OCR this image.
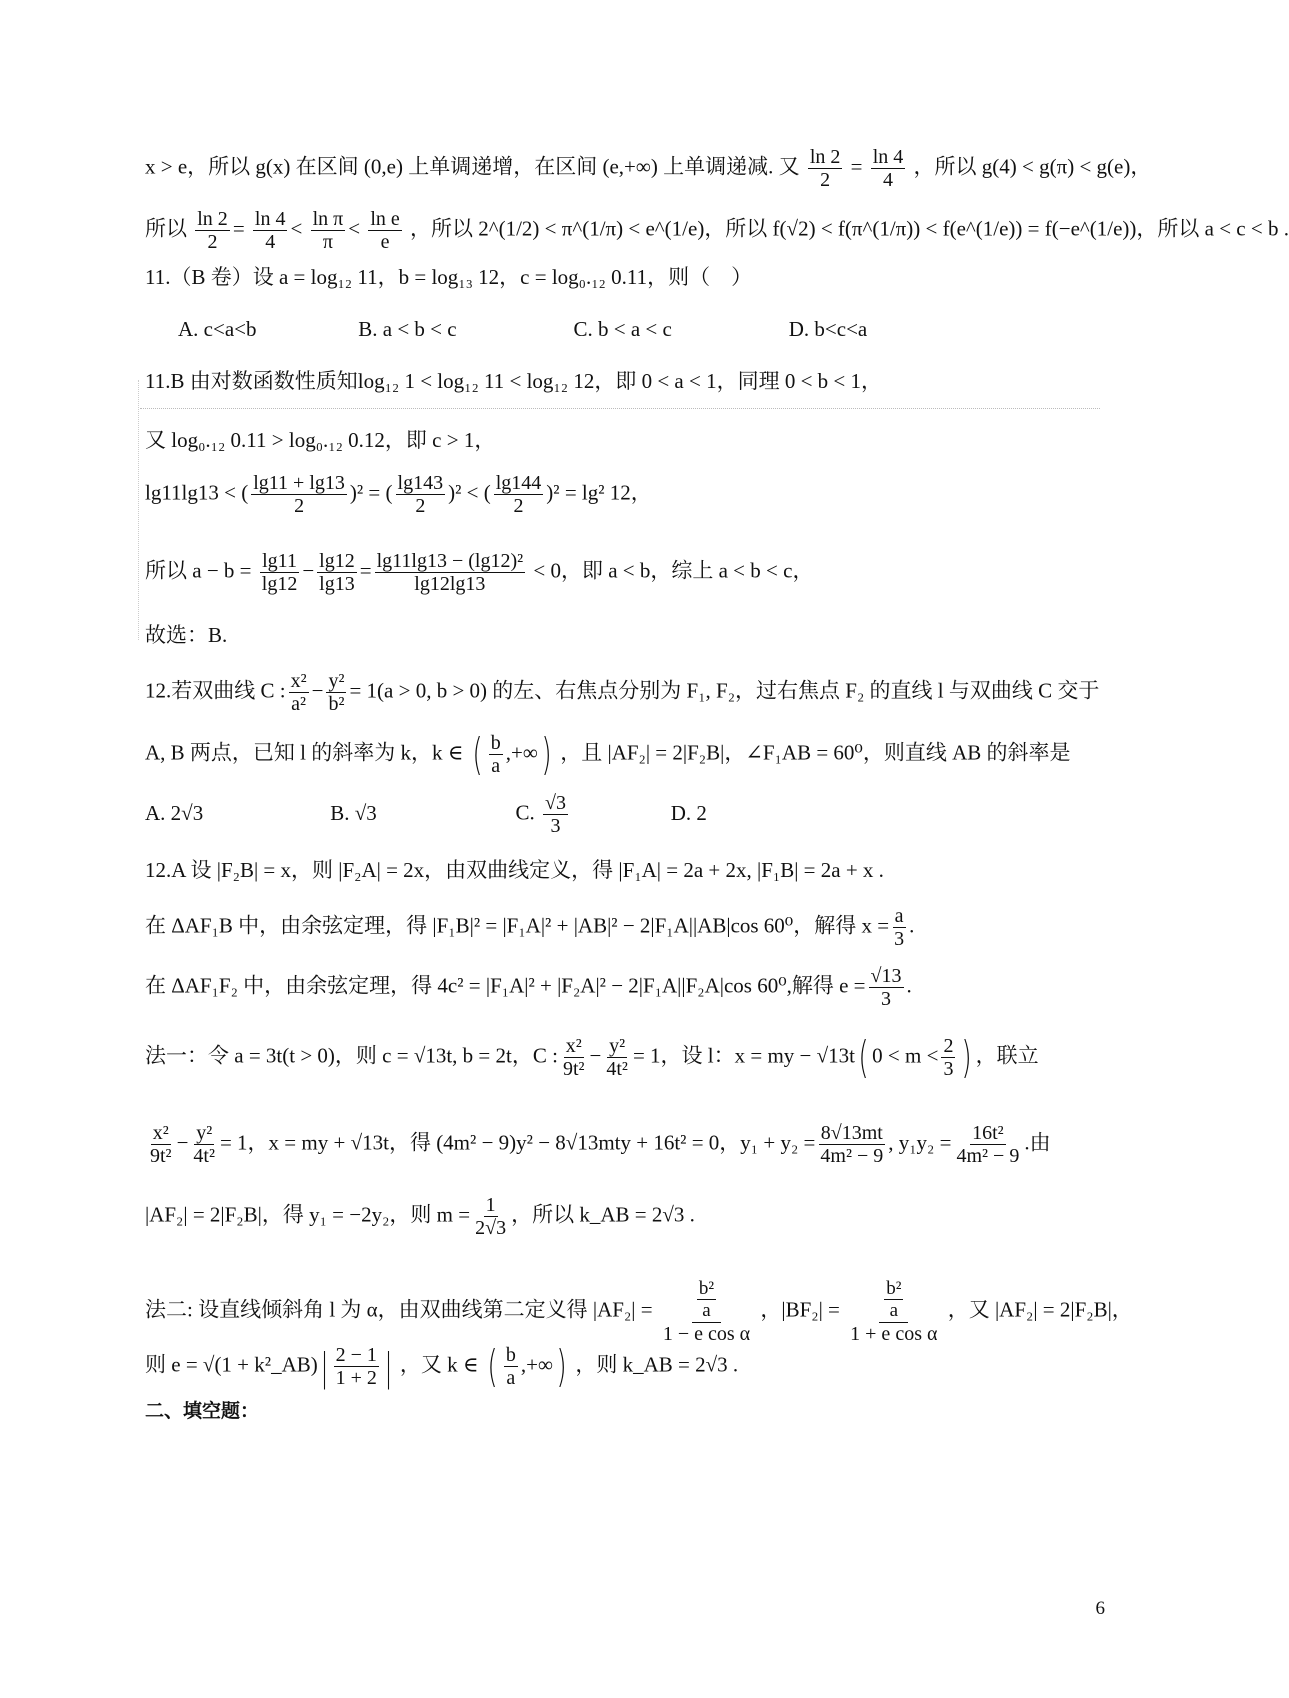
x > e，所以 g(x) 在区间 (0,e) 上单调递增，在区间 (e,+∞) 上单调递减. 又 $\frac{\ln 2}{2} = \frac{\ln 4}{4}$ ，所以 g(4) < g(π) < g(e)，
所以 $\frac{\ln 2}{2} = \frac{\ln 4}{4} < \frac{\text{ln π}}{\pi} < \frac{\text{ln e}}{e}$ ，所以 2^(1/2) < π^(1/π) < e^(1/e)，所以 f(√2) < f(π^(1/π)) < f(e^(1/e)) = f(−e^(1/e))，所以 a < c < b .
11.（B 卷）设 a = log₁₂ 11，b = log₁₃ 12，c = log₀.₁₂ 0.11，则（　）
A. c<a<b	B. a < b < c	C. b < a < c	D. b<c<a
11.B 由对数函数性质知log₁₂ 1 < log₁₂ 11 < log₁₂ 12，即 0 < a < 1，同理 0 < b < 1，
又 log₀.₁₂ 0.11 > log₀.₁₂ 0.12，即 c > 1，
lg11lg13 < ( $\frac{\lg 11 + \lg 13}{2} )^2$ = ( $\frac{\lg 143}{2} )^2$ < ( $\frac{\lg 144}{2} )^2 = \lg^2$ 12，
所以 $a - b = \frac{\lg 11}{\lg 12} - \frac{\lg 12}{\lg 13} = \frac{\text{lg11lg13 − (lg12)²}}{\lg 12\lg 13} < 0$，即 a < b，综上 a < b < c，
故选：B.
12.若双曲线 C : $\frac{\text{x²}}{\text{a²}} - \frac{\text{y²}}{\text{b²}} = 1(a > 0$, b > 0) 的左、右焦点分别为 F₁, F₂，过右焦点 F₂ 的直线 l 与双曲线 C 交于
A, B 两点，已知 l 的斜率为 k，k ∈ ( $\frac{b}{a}$ ,+∞) ，且 |AF₂| = 2|F₂B|，∠F₁AB = 60⁰，则直线 AB 的斜率是
A. 2√3	B. √3	C. $\frac{√3}{3}$	D. 2
12.A 设 |F₂B| = x，则 |F₂A| = 2x，由双曲线定义，得 |F₁A| = 2a + 2x, |F₁B| = 2a + x .
在 ΔAF₁B 中，由余弦定理，得 |F₁B|² = |F₁A|² + |AB|² − 2|F₁A||AB|cos 60⁰，解得 $x = \frac{a}{3}$ .
在 ΔAF₁F₂ 中，由余弦定理，得 4c² = |F₁A|² + |F₂A|² − 2|F₁A||F₂A|cos 60⁰,解得 $e = \frac{√13}{3}$ .
法一：令 a = 3t(t > 0)，则 c = √13t, b = 2t，C : $\frac{\text{x²}}{\text{9t²}} - \frac{\text{y²}}{\text{4t²}} = 1$，设 l：x = my − √13t( $0 < m < \frac{2}{3}$ ) ，联立
$\frac{\text{x²}}{\text{9t²}} - \frac{\text{y²}}{\text{4t²}} = 1$，x = my + √13t，得 (4m² − 9)y² − 8√13mty + 16t² = 0，$y_1 + y_2 = \frac{8√13mt}{\text{4m² − 9}}$ , $y_1y_2 = \frac{\text{16t²}}{\text{4m² − 9}}$ .由
|AF₂| = 2|F₂B|，得 y₁ = −2y₂，则 $m = \frac{1}{2√3}$ ，所以 k_AB = 2√3 .
法二: 设直线倾斜角 l 为 α，由双曲线第二定义得 $|AF_2| = \frac{\frac{\text{b²}}{a}}{\text{1 − e cos α}}$ ，$|BF_2| = \frac{\frac{\text{b²}}{a}}{\text{1 + e cos α}}$ ，又 |AF₂| = 2|F₂B|，
则 e = √(1 + k²_AB)| $\frac{2 - 1}{1 + 2}$ | ，又 k ∈ ( $\frac{b}{a}$ ,+∞) ，则 k_AB = 2√3 .
二、填空题：
6
